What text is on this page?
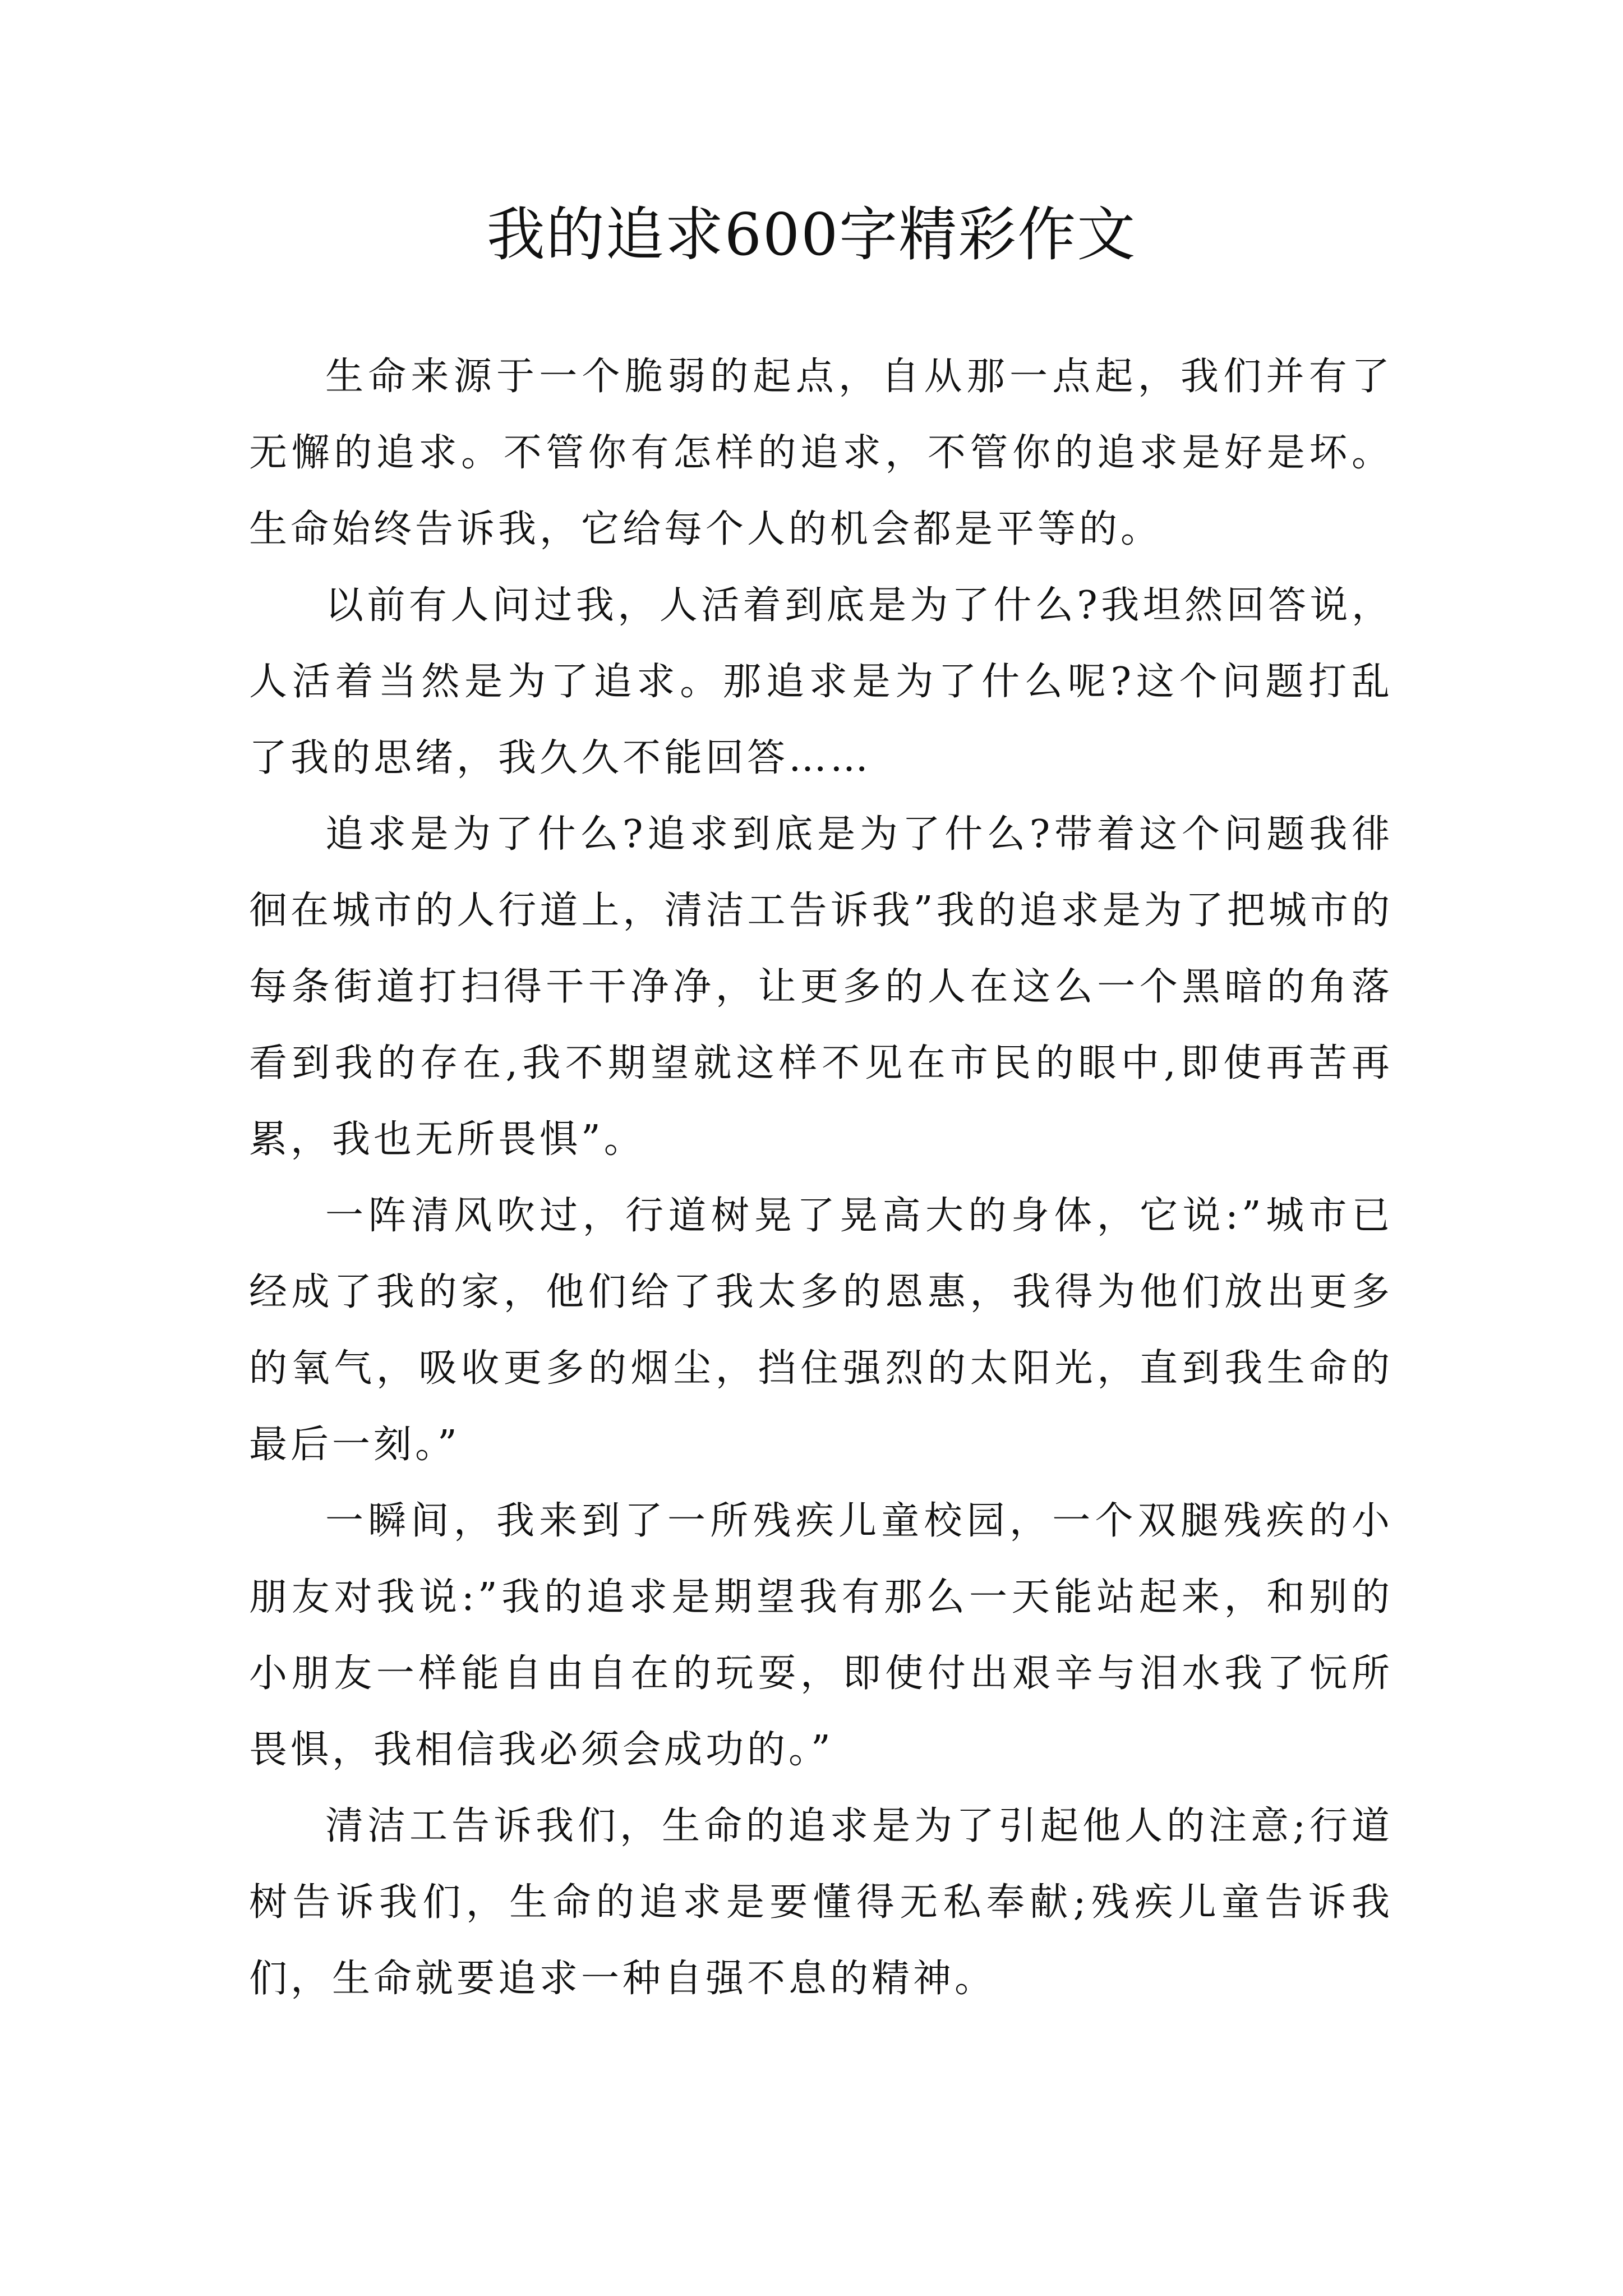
我的追求600字精彩作文

生命来源于一个脆弱的起点，自从那一点起，我们并有了无懈的追求。不管你有怎样的追求，不管你的追求是好是坏。生命始终告诉我，它给每个人的机会都是平等的。

以前有人问过我，人活着到底是为了什么?我坦然回答说，人活着当然是为了追求。那追求是为了什么呢?这个问题打乱了我的思绪，我久久不能回答……

追求是为了什么?追求到底是为了什么?带着这个问题我徘徊在城市的人行道上，清洁工告诉我”我的追求是为了把城市的每条街道打扫得干干净净，让更多的人在这么一个黑暗的角落看到我的存在,我不期望就这样不见在市民的眼中,即使再苦再累，我也无所畏惧”。

一阵清风吹过，行道树晃了晃高大的身体，它说:”城市已经成了我的家，他们给了我太多的恩惠，我得为他们放出更多的氧气，吸收更多的烟尘，挡住强烈的太阳光，直到我生命的最后一刻。”

一瞬间，我来到了一所残疾儿童校园，一个双腿残疾的小朋友对我说:”我的追求是期望我有那么一天能站起来，和别的小朋友一样能自由自在的玩耍，即使付出艰辛与泪水我了忨所畏惧，我相信我必须会成功的。”

清洁工告诉我们，生命的追求是为了引起他人的注意;行道树告诉我们，生命的追求是要懂得无私奉献;残疾儿童告诉我们，生命就要追求一种自强不息的精神。
